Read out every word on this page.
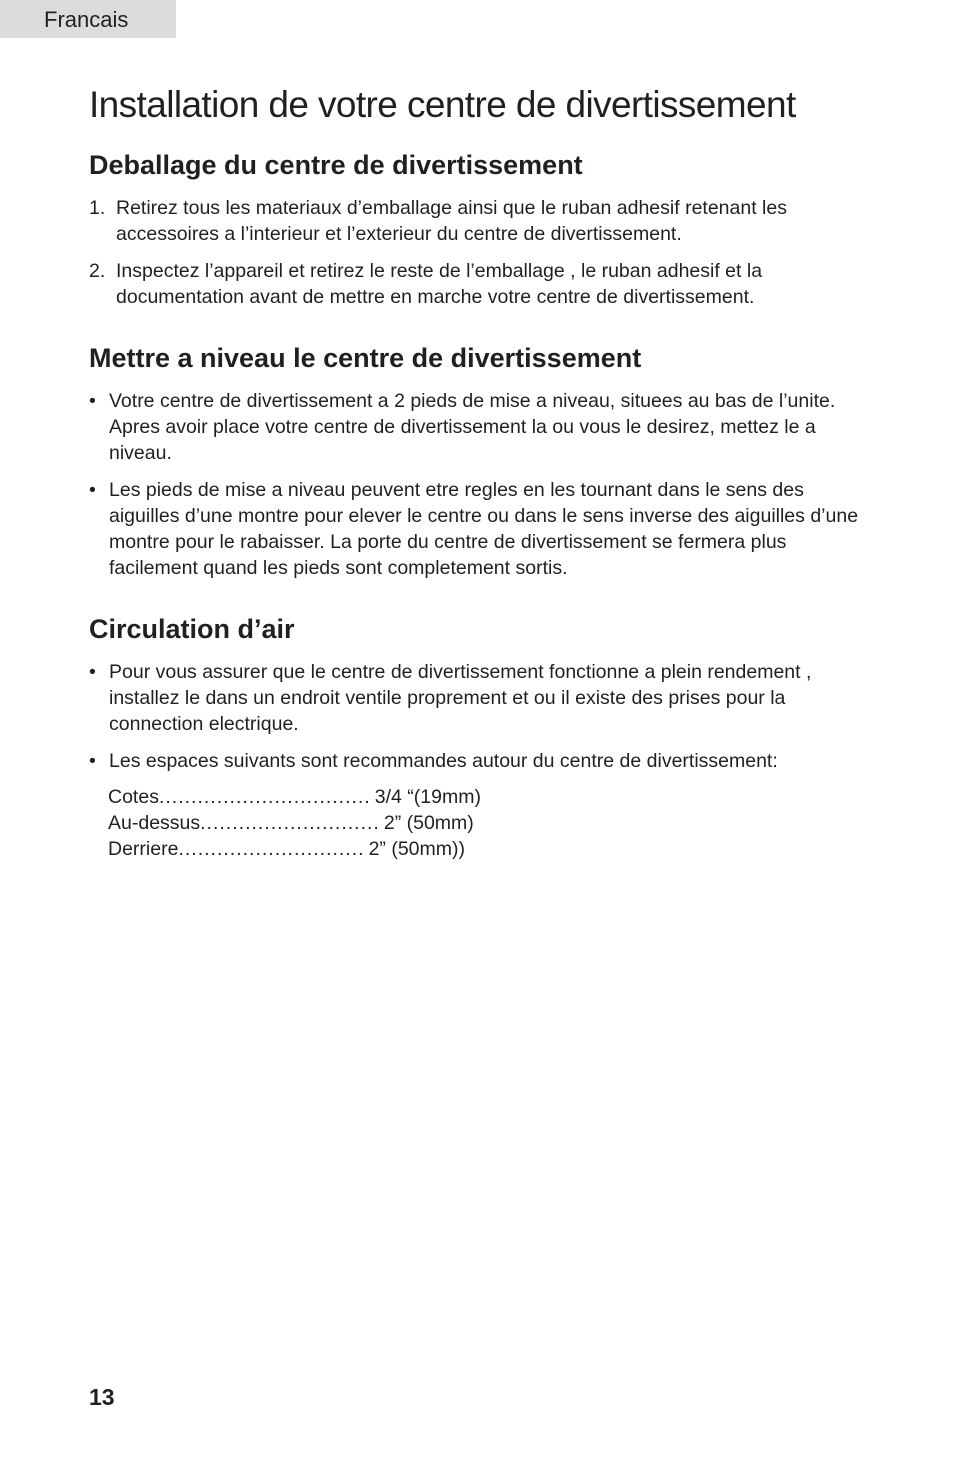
Francais
Installation de votre centre de divertissement
Deballage du centre de divertissement

1. Retirez tous les materiaux d’emballage ainsi que le ruban adhesif retenant les accessoires a l’interieur et l’exterieur du centre de divertissement.

2. Inspectez l’appareil et retirez le reste de l’emballage , le ruban adhesif et la documentation avant de mettre en marche votre centre de divertissement.

Mettre a niveau le centre de divertissement

• Votre centre de divertissement a 2 pieds de mise a niveau, situees au bas de l’unite. Apres avoir place votre centre de divertissement la ou vous le desirez, mettez le a niveau.

• Les pieds de mise a niveau peuvent etre regles en les tournant dans le sens des aiguilles d’une montre pour elever le centre ou dans le sens inverse des aiguilles d’une montre pour le rabaisser. La porte du centre de divertissement se fermera plus facilement quand les pieds sont completement sortis.

Circulation d’air

• Pour vous assurer que le centre de divertissement fonctionne a plein rendement , installez le dans un endroit ventile proprement et ou il existe des prises pour la connection electrique.

• Les espaces suivants sont recommandes autour du centre de divertissement:

Cotes ................................. 3/4 “(19mm)
Au-dessus ............................ 2” (50mm)
Derriere ............................. 2” (50mm))
13
